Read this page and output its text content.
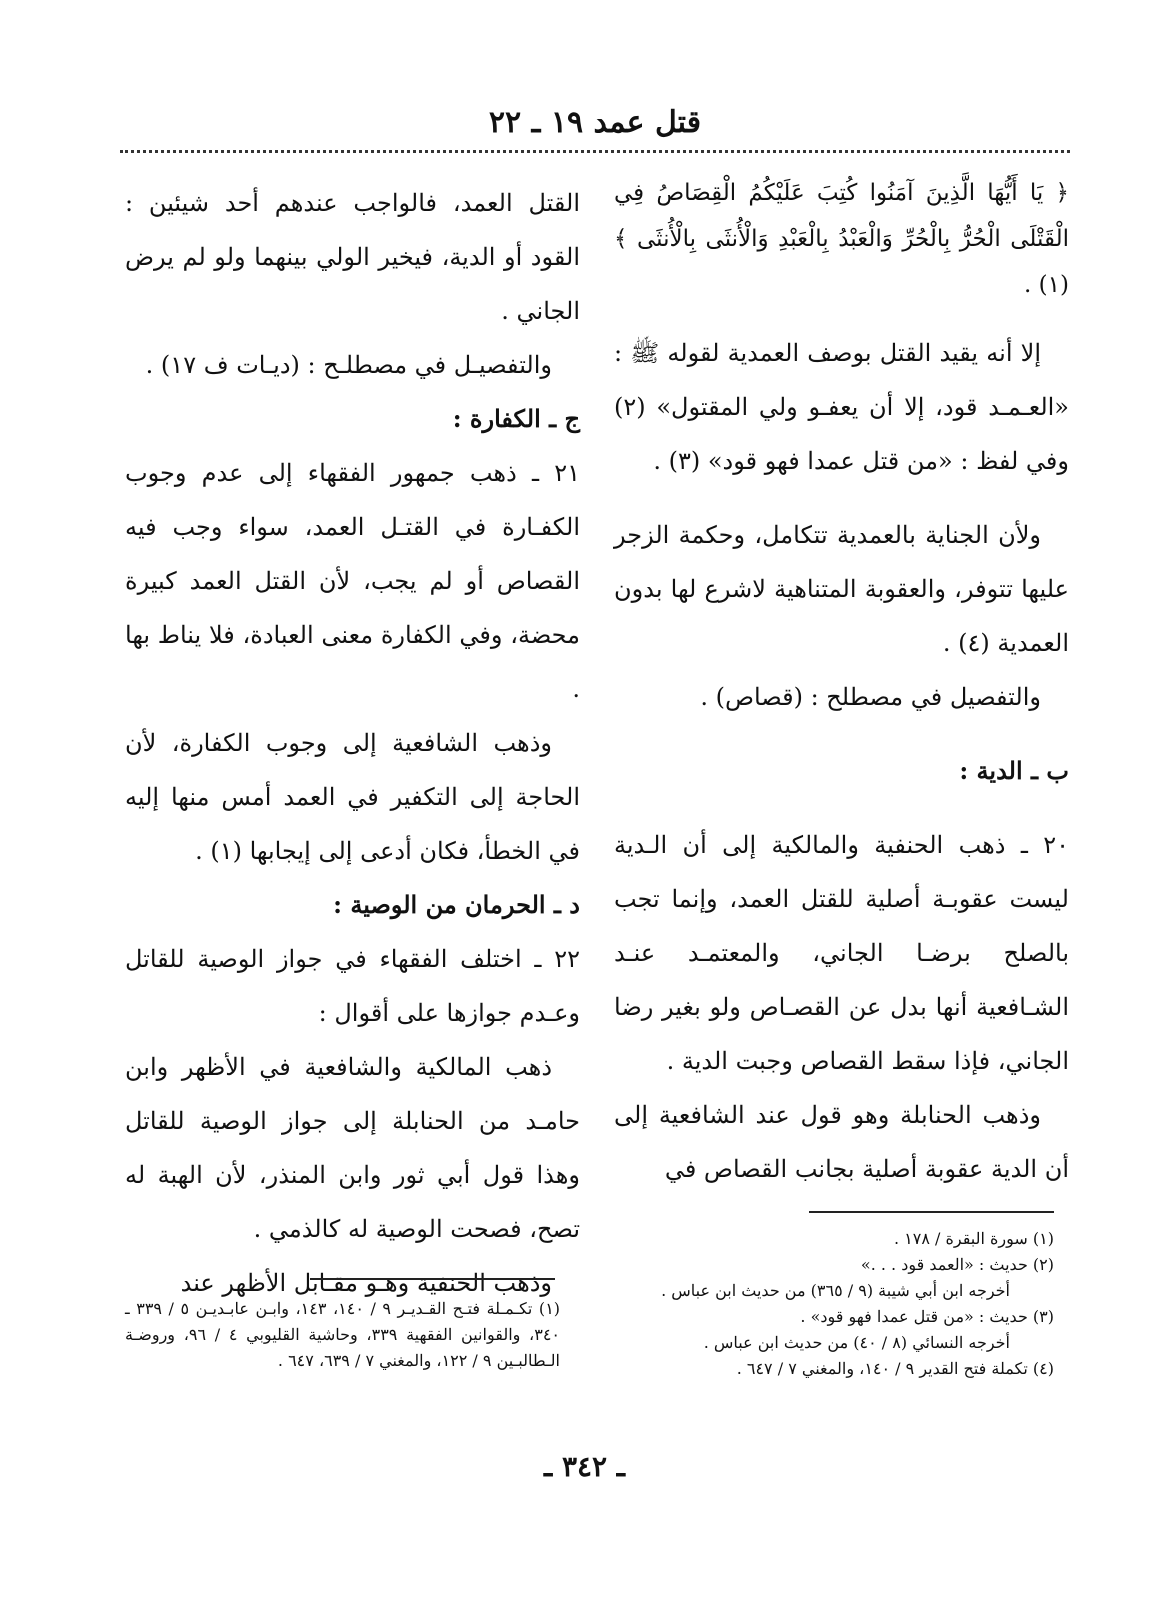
قتل عمد ١٩ ـ ٢٢

﴿ يَا أَيُّهَا الَّذِينَ آمَنُوا كُتِبَ عَلَيْكُمُ الْقِصَاصُ فِي الْقَتْلَى الْحُرُّ بِالْحُرِّ وَالْعَبْدُ بِالْعَبْدِ وَالْأُنثَى بِالْأُنثَى ﴾ (١) .

إلا أنه يقيد القتل بوصف العمدية لقوله ﷺ : «العـمـد قود، إلا أن يعفـو ولي المقتول» (٢) وفي لفظ : «من قتل عمدا فهو قود» (٣) .

ولأن الجناية بالعمدية تتكامل، وحكمة الزجر عليها تتوفر، والعقوبة المتناهية لاشرع لها بدون العمدية (٤) .

والتفصيل في مصطلح : (قصاص) .

ب ـ الدية :

٢٠ ـ ذهب الحنفية والمالكية إلى أن الـدية ليست عقوبـة أصلية للقتل العمد، وإنما تجب بالصلح برضـا الجاني، والمعتمـد عنـد الشـافعية أنها بدل عن القصـاص ولو بغير رضا الجاني، فإذا سقط القصاص وجبت الدية .

وذهب الحنابلة وهو قول عند الشافعية إلى أن الدية عقوبة أصلية بجانب القصاص في

القتل العمد، فالواجب عندهم أحد شيئين : القود أو الدية، فيخير الولي بينهما ولو لم يرض الجاني .

والتفصيـل في مصطلـح : (ديـات ف ١٧) .

ج ـ الكفارة :

٢١ ـ ذهب جمهور الفقهاء إلى عدم وجوب الكفـارة في القتـل العمد، سواء وجب فيه القصاص أو لم يجب، لأن القتل العمد كبيرة محضة، وفي الكفارة معنى العبادة، فلا يناط بها .

وذهب الشافعية إلى وجوب الكفارة، لأن الحاجة إلى التكفير في العمد أمس منها إليه في الخطأ، فكان أدعى إلى إيجابها (١) .

د ـ الحرمان من الوصية :

٢٢ ـ اختلف الفقهاء في جواز الوصية للقاتل وعـدم جوازها على أقوال :

ذهب المالكية والشافعية في الأظهر وابن حامـد من الحنابلة إلى جواز الوصية للقاتل وهذا قول أبي ثور وابن المنذر، لأن الهبة له تصح، فصحت الوصية له كالذمي .

وذهب الحنفية وهـو مقـابل الأظهر عند

(١) سورة البقرة / ١٧٨ .

(٢) حديث : «العمد قود . . .»

أخرجه ابن أبي شيبة (٩ / ٣٦٥) من حديث ابن عباس .

(٣) حديث : «من قتل عمدا فهو قود» .

أخرجه النسائي (٨ / ٤٠) من حديث ابن عباس .

(٤) تكملة فتح القدير ٩ / ١٤٠، والمغني ٧ / ٦٤٧ .

(١) تكـمـلة فتـح القـديـر ٩ / ١٤٠، ١٤٣، وابـن عابـديـن ٥ / ٣٣٩ ـ ٣٤٠، والقوانين الفقهية ٣٣٩، وحاشية القليوبي ٤ / ٩٦، وروضـة الـطالبـين ٩ / ١٢٢، والمغني ٧ / ٦٣٩، ٦٤٧ .

ـ ٣٤٢ ـ
